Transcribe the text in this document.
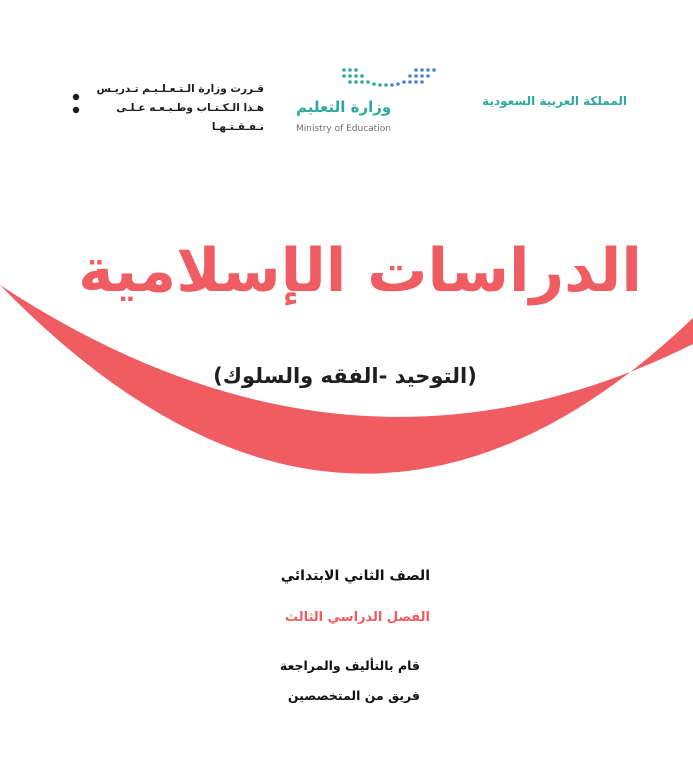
المملكة العربية السعودية
وزارة التعليم
Ministry of Education
قـررت وزارة الـتـعـلـيـم تـدريـس
هـذا الـكـتـاب وطـبـعـه عـلـى نـفـقـتـهـا
الدراسات الإسلامية
(التوحيد -الفقه والسلوك)
الصف الثاني الابتدائي
الفصل الدراسي الثالث
قام بالتأليف والمراجعة
فريق من المتخصصين
